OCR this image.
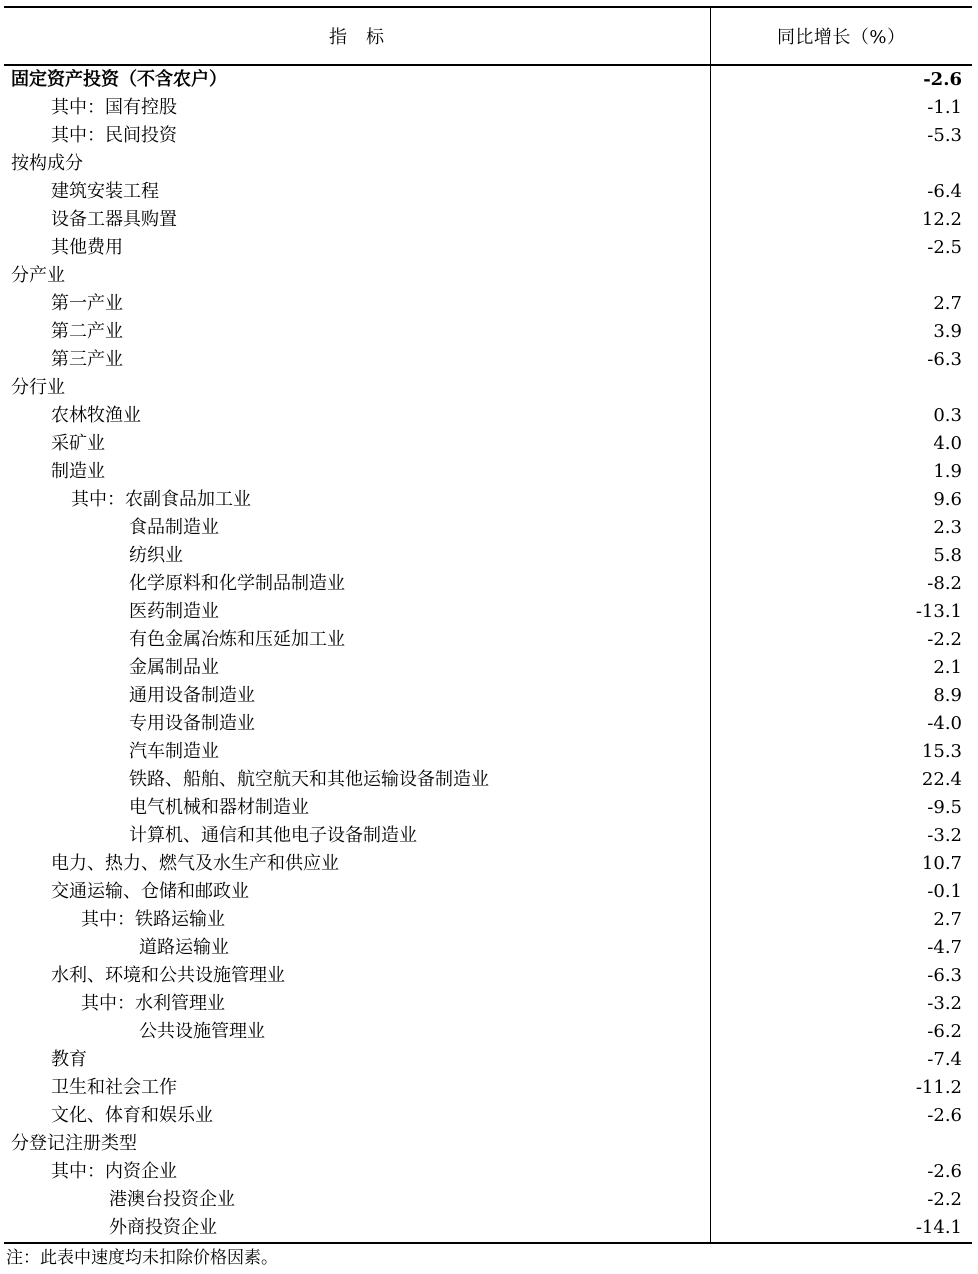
指　标	同比增长（%）
固定资产投资（不含农户）	-2.6
其中：国有控股	-1.1
其中：民间投资	-5.3
按构成分	
建筑安装工程	-6.4
设备工器具购置	12.2
其他费用	-2.5
分产业	
第一产业	2.7
第二产业	3.9
第三产业	-6.3
分行业	
农林牧渔业	0.3
采矿业	4.0
制造业	1.9
其中：农副食品加工业	9.6
食品制造业	2.3
纺织业	5.8
化学原料和化学制品制造业	-8.2
医药制造业	-13.1
有色金属冶炼和压延加工业	-2.2
金属制品业	2.1
通用设备制造业	8.9
专用设备制造业	-4.0
汽车制造业	15.3
铁路、船舶、航空航天和其他运输设备制造业	22.4
电气机械和器材制造业	-9.5
计算机、通信和其他电子设备制造业	-3.2
电力、热力、燃气及水生产和供应业	10.7
交通运输、仓储和邮政业	-0.1
其中：铁路运输业	2.7
道路运输业	-4.7
水利、环境和公共设施管理业	-6.3
其中：水利管理业	-3.2
公共设施管理业	-6.2
教育	-7.4
卫生和社会工作	-11.2
文化、体育和娱乐业	-2.6
分登记注册类型	
其中：内资企业	-2.6
港澳台投资企业	-2.2
外商投资企业	-14.1
注：此表中速度均未扣除价格因素。
